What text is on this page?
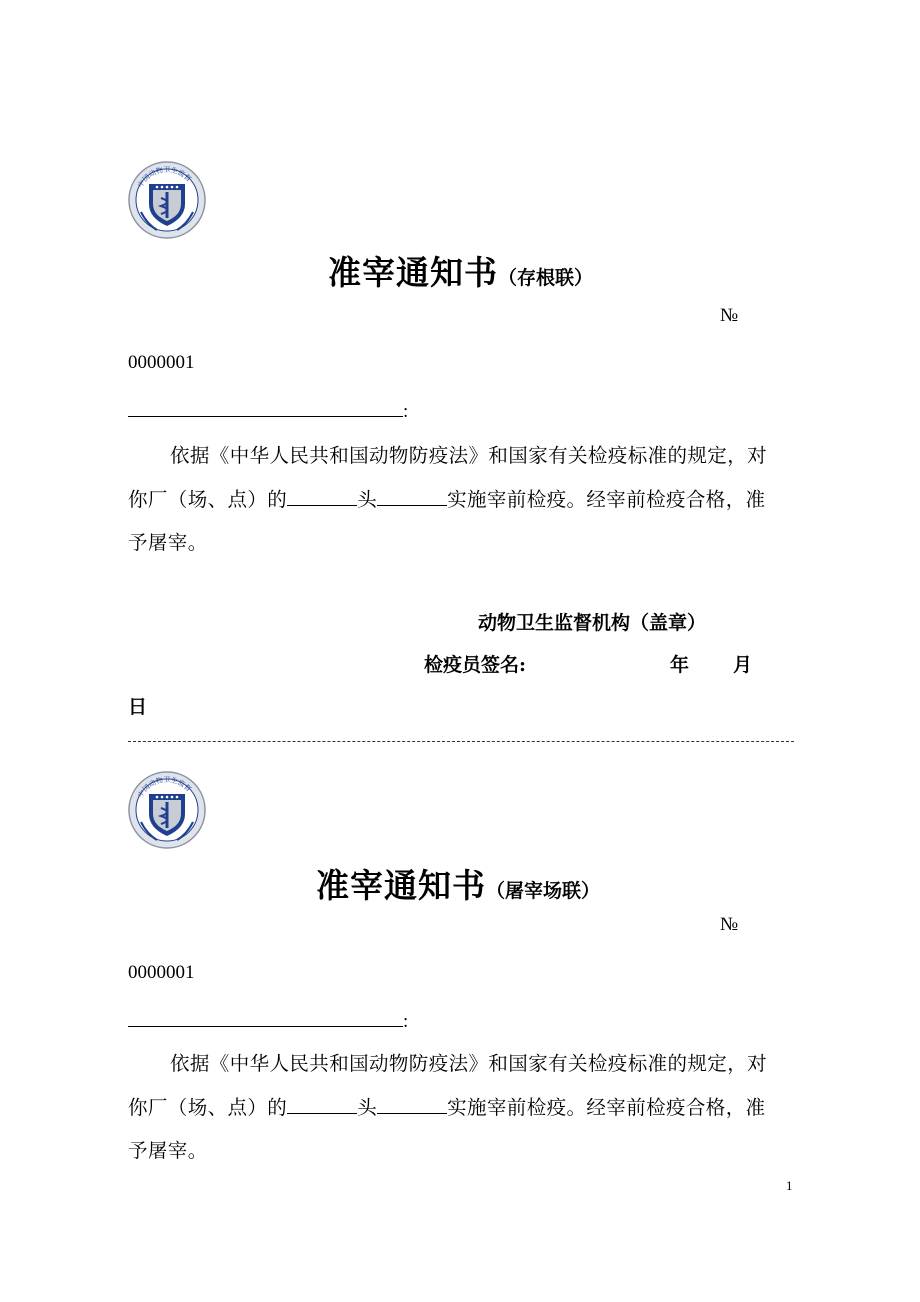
中国动物卫生监督
准宰通知书（存根联）
№
0000001
:
依据《中华人民共和国动物防疫法》和国家有关检疫标准的规定，对
你厂（场、点）的	头	实施宰前检疫。经宰前检疫合格，准
予屠宰。
动物卫生监督机构（盖章）
检疫员签名:	年 月
日
中国动物卫生监督
准宰通知书（屠宰场联）
№
0000001
:
依据《中华人民共和国动物防疫法》和国家有关检疫标准的规定，对
你厂（场、点）的	头	实施宰前检疫。经宰前检疫合格，准
予屠宰。
1
